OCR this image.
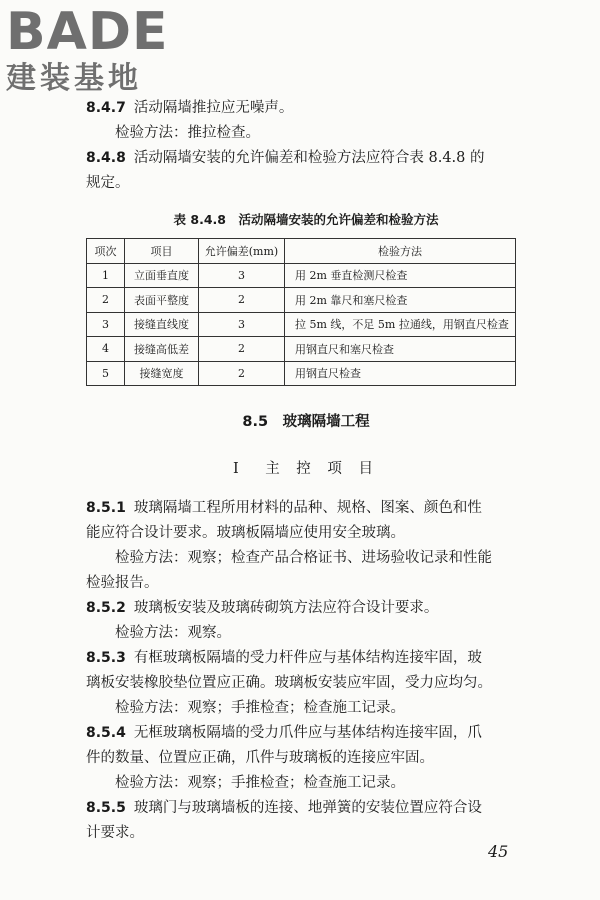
BADE
建装基地

8.4.7 活动隔墙推拉应无噪声。

检验方法：推拉检查。

8.4.8 活动隔墙安装的允许偏差和检验方法应符合表 8.4.8 的

规定。

表 8.4.8　活动隔墙安装的允许偏差和检验方法
项次	项目	允许偏差(mm)	检验方法
1	立面垂直度	3	用 2m 垂直检测尺检查
2	表面平整度	2	用 2m 靠尺和塞尺检查
3	接缝直线度	3	拉 5m 线，不足 5m 拉通线，用钢直尺检查
4	接缝高低差	2	用钢直尺和塞尺检查
5	接缝宽度	2	用钢直尺检查
8.5　玻璃隔墙工程
Ⅰ　主 控 项 目

8.5.1 玻璃隔墙工程所用材料的品种、规格、图案、颜色和性

能应符合设计要求。玻璃板隔墙应使用安全玻璃。

检验方法：观察；检查产品合格证书、进场验收记录和性能

检验报告。

8.5.2 玻璃板安装及玻璃砖砌筑方法应符合设计要求。

检验方法：观察。

8.5.3 有框玻璃板隔墙的受力杆件应与基体结构连接牢固，玻

璃板安装橡胶垫位置应正确。玻璃板安装应牢固，受力应均匀。

检验方法：观察；手推检查；检查施工记录。

8.5.4 无框玻璃板隔墙的受力爪件应与基体结构连接牢固，爪

件的数量、位置应正确，爪件与玻璃板的连接应牢固。

检验方法：观察；手推检查；检查施工记录。

8.5.5 玻璃门与玻璃墙板的连接、地弹簧的安装位置应符合设

计要求。

45
